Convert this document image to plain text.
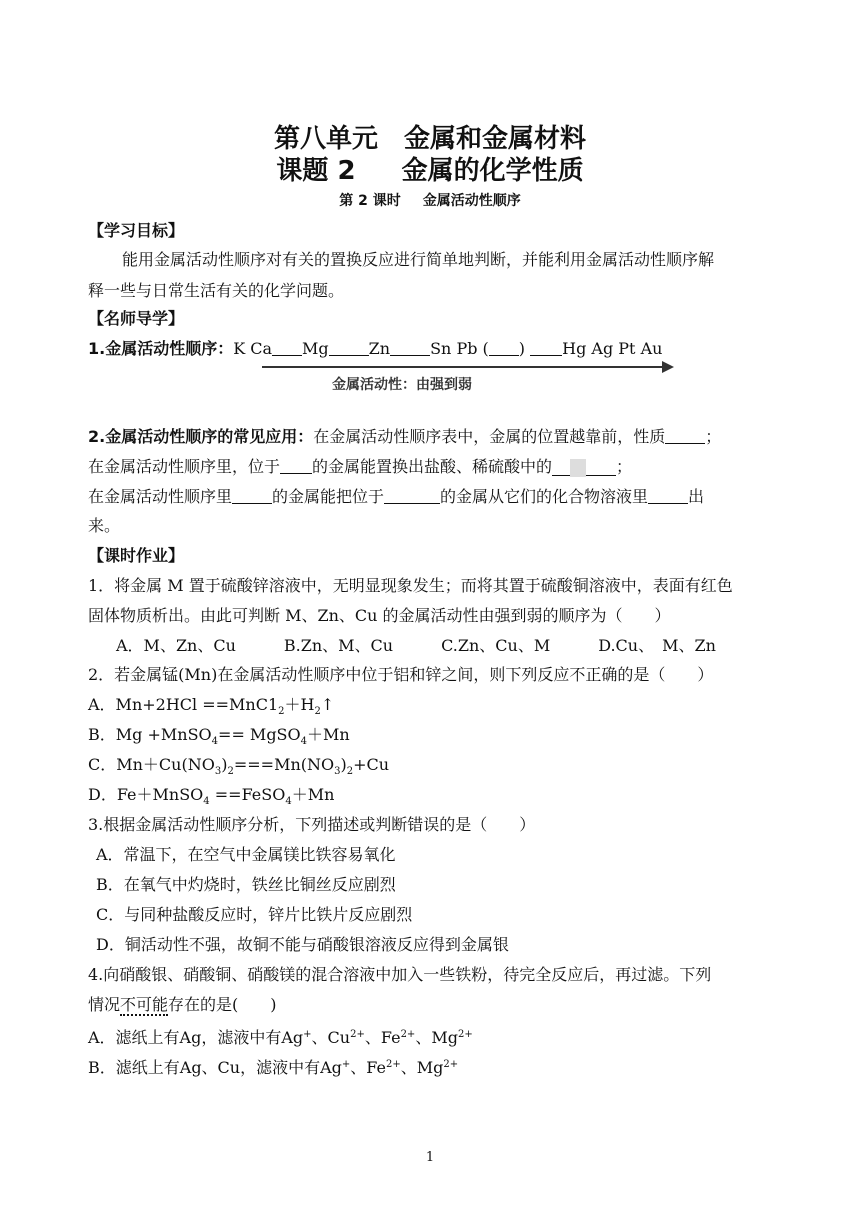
第八单元　金属和金属材料
课题 2 金属的化学性质
第 2 课时 金属活动性顺序
【学习目标】
能用金属活动性顺序对有关的置换反应进行简单地判断，并能利用金属活动性顺序解
释一些与日常生活有关的化学问题。
【名师导学】
1.金属活动性顺序：K Ca Mg	Zn	Sn Pb ( ) Hg Ag Pt Au
金属活动性：由强到弱
2.金属活动性顺序的常见应用：在金属活动性顺序表中，金属的位置越靠前，性质	；
在金属活动性顺序里，位于 的金属能置换出盐酸、稀硫酸中的	；
在金属活动性顺序里	的金属能把位于	的金属从它们的化合物溶液里	出
来。
【课时作业】
1．将金属 M 置于硫酸锌溶液中，无明显现象发生；而将其置于硫酸铜溶液中，表面有红色
固体物质析出。由此可判断 M、Zn、Cu 的金属活动性由强到弱的顺序为（　　）
A．M、Zn、Cu　　　B.Zn、M、Cu　　　C.Zn、Cu、M　　　D.Cu、　M、Zn
2．若金属锰(Mn)在金属活动性顺序中位于铝和锌之间，则下列反应不正确的是（　　）
A．$Mn+2HCl ==MnC1_2+H_2↑$
B．Mg +MnSO$_4$== MgSO$_4$＋Mn
C．$Mn+Cu(NO_3)_2===Mn(NO_3)_2+Cu$
D．Fe＋MnSO$_4$ ==FeSO$_4$＋Mn
3.根据金属活动性顺序分析，下列描述或判断错误的是（　　）
A．常温下，在空气中金属镁比铁容易氧化
B．在氧气中灼烧时，铁丝比铜丝反应剧烈
C．与同种盐酸反应时，锌片比铁片反应剧烈
D．铜活动性不强，故铜不能与硝酸银溶液反应得到金属银
4.向硝酸银、硝酸铜、硝酸镁的混合溶液中加入一些铁粉，待完全反应后，再过滤。下列
情况不可能存在的是(　　)
A．滤纸上有Ag，滤液中有Ag+、$Cu^{2+}$、$Fe^{2+}$、$Mg^{2+}$
B．滤纸上有Ag、Cu，滤液中有Ag+、$Fe^{2+}$、$Mg^{2+}$
1
